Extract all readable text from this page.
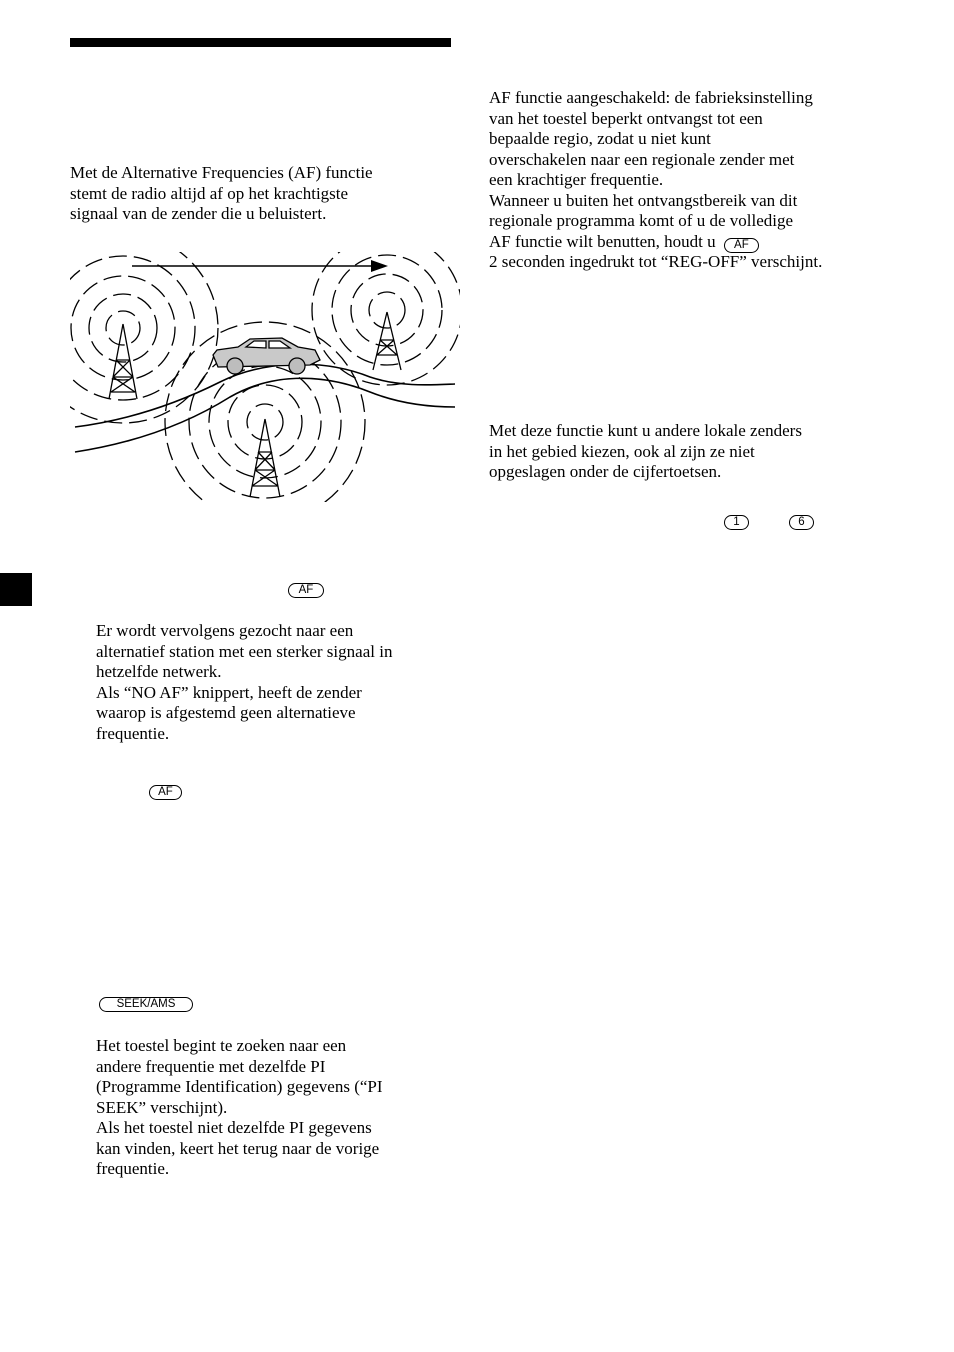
Met de Alternative Frequencies (AF) functie

stemt de radio altijd af op het krachtigste

signaal van de zender die u beluistert.

AF

Er wordt vervolgens gezocht naar een

alternatief station met een sterker signaal in

hetzelfde netwerk.

Als “NO AF” knippert, heeft de zender

waarop is afgestemd geen alternatieve

frequentie.

AF
SEEK/AMS

Het toestel begint te zoeken naar een

andere frequentie met dezelfde PI

(Programme Identification) gegevens (“PI

SEEK” verschijnt).

Als het toestel niet dezelfde PI gegevens

kan vinden, keert het terug naar de vorige

frequentie.

AF functie aangeschakeld: de fabrieksinstelling

van het toestel beperkt ontvangst tot een

bepaalde regio, zodat u niet kunt

overschakelen naar een regionale zender met

een krachtiger frequentie.

Wanneer u buiten het ontvangstbereik van dit

regionale programma komt of u de volledige

AF functie wilt benutten, houdt u AF

2 seconden ingedrukt tot “REG-OFF” verschijnt.

Met deze functie kunt u andere lokale zenders

in het gebied kiezen, ook al zijn ze niet

opgeslagen onder de cijfertoetsen.

1	6
